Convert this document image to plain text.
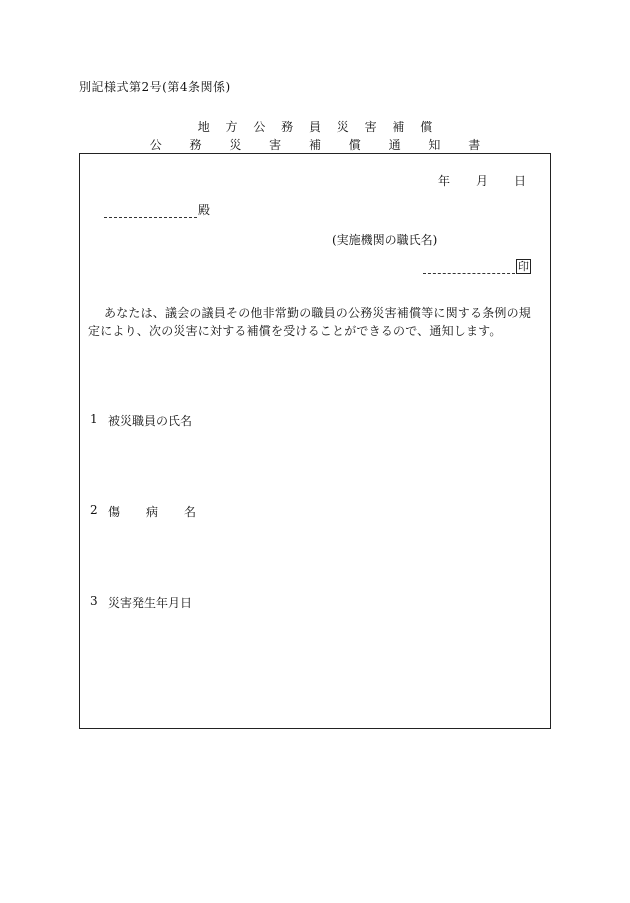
別記様式第2号(第4条関係)
地 方 公 務 員 災 害 補 償
公 務 災 害 補 償 通 知 書
年 月 日
殿
(実施機関の職氏名)
印
あなたは、議会の議員その他非常勤の職員の公務災害補償等に関する条例の規定により、次の災害に対する補償を受けることができるので、通知します。
1 被災職員の氏名
2 傷病名
3 災害発生年月日
